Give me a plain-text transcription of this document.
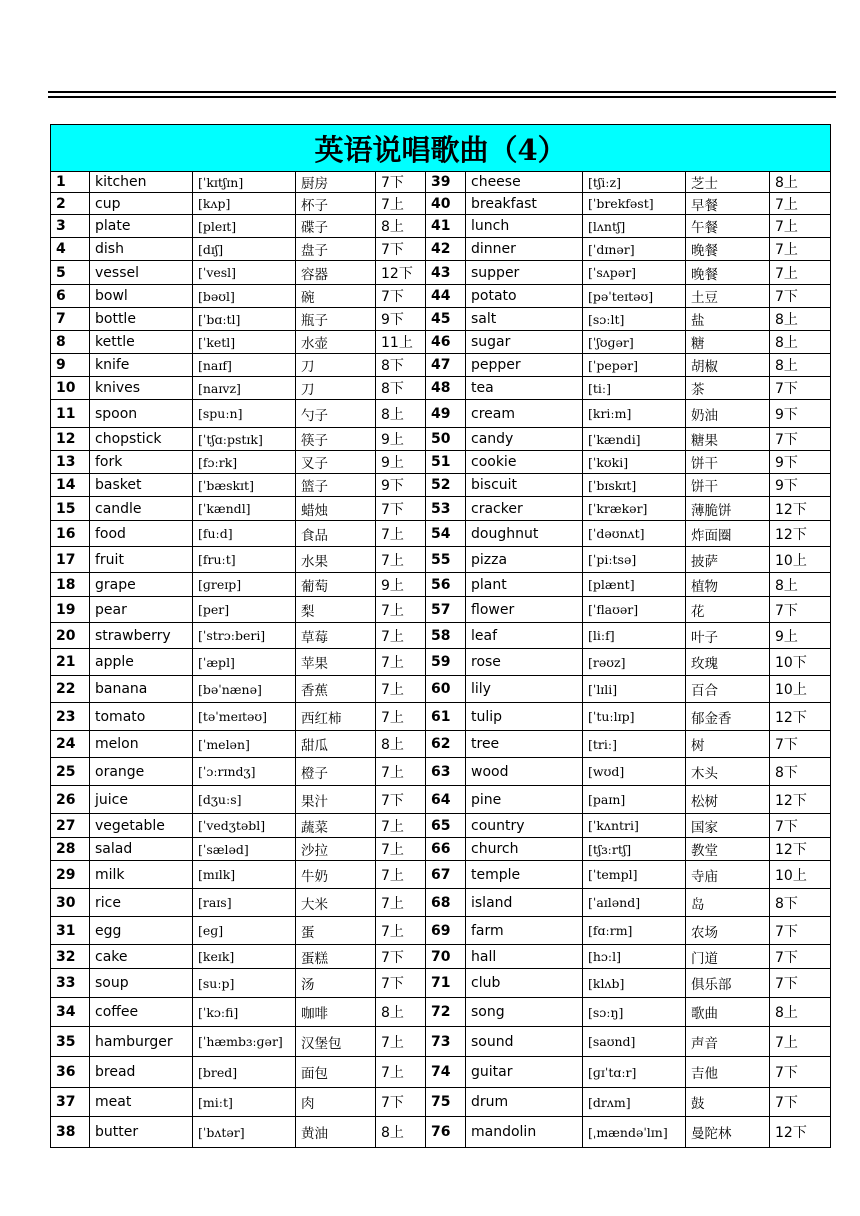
英语说唱歌曲（4）									
1	kitchen	[ˈkɪtʃɪn]	厨房	7下	39	cheese	[tʃiːz]	芝士	8上
2	cup	[kʌp]	杯子	7上	40	breakfast	[ˈbrekfəst]	早餐	7上
3	plate	[pleɪt]	碟子	8上	41	lunch	[lʌntʃ]	午餐	7上
4	dish	[dɪʃ]	盘子	7下	42	dinner	[ˈdɪnər]	晚餐	7上
5	vessel	[ˈvesl]	容器	12下	43	supper	[ˈsʌpər]	晚餐	7上
6	bowl	[bəʊl]	碗	7下	44	potato	[pəˈteɪtəʊ]	土豆	7下
7	bottle	[ˈbɑːtl]	瓶子	9下	45	salt	[sɔːlt]	盐	8上
8	kettle	[ˈketl]	水壶	11上	46	sugar	[ˈʃʊɡər]	糖	8上
9	knife	[naɪf]	刀	8下	47	pepper	[ˈpepər]	胡椒	8上
10	knives	[naɪvz]	刀	8下	48	tea	[tiː]	茶	7下
11	spoon	[spuːn]	勺子	8上	49	cream	[kriːm]	奶油	9下
12	chopstick	[ˈtʃɑːpstɪk]	筷子	9上	50	candy	[ˈkændi]	糖果	7下
13	fork	[fɔːrk]	叉子	9上	51	cookie	[ˈkʊki]	饼干	9下
14	basket	[ˈbæskɪt]	篮子	9下	52	biscuit	[ˈbɪskɪt]	饼干	9下
15	candle	[ˈkændl]	蜡烛	7下	53	cracker	[ˈkrækər]	薄脆饼	12下
16	food	[fuːd]	食品	7上	54	doughnut	[ˈdəʊnʌt]	炸面圈	12下
17	fruit	[fruːt]	水果	7上	55	pizza	[ˈpiːtsə]	披萨	10上
18	grape	[ɡreɪp]	葡萄	9上	56	plant	[plænt]	植物	8上
19	pear	[per]	梨	7上	57	flower	[ˈflaʊər]	花	7下
20	strawberry	[ˈstrɔːberi]	草莓	7上	58	leaf	[liːf]	叶子	9上
21	apple	[ˈæpl]	苹果	7上	59	rose	[rəʊz]	玫瑰	10下
22	banana	[bəˈnænə]	香蕉	7上	60	lily	[ˈlɪli]	百合	10上
23	tomato	[təˈmeɪtəʊ]	西红柿	7上	61	tulip	[ˈtuːlɪp]	郁金香	12下
24	melon	[ˈmelən]	甜瓜	8上	62	tree	[triː]	树	7下
25	orange	[ˈɔːrɪndʒ]	橙子	7上	63	wood	[wʊd]	木头	8下
26	juice	[dʒuːs]	果汁	7下	64	pine	[paɪn]	松树	12下
27	vegetable	[ˈvedʒtəbl]	蔬菜	7上	65	country	[ˈkʌntri]	国家	7下
28	salad	[ˈsæləd]	沙拉	7上	66	church	[tʃɜːrtʃ]	教堂	12下
29	milk	[mɪlk]	牛奶	7上	67	temple	[ˈtempl]	寺庙	10上
30	rice	[raɪs]	大米	7上	68	island	[ˈaɪlənd]	岛	8下
31	egg	[eɡ]	蛋	7上	69	farm	[fɑːrm]	农场	7下
32	cake	[keɪk]	蛋糕	7下	70	hall	[hɔːl]	门道	7下
33	soup	[suːp]	汤	7下	71	club	[klʌb]	俱乐部	7下
34	coffee	[ˈkɔːfi]	咖啡	8上	72	song	[sɔːŋ]	歌曲	8上
35	hamburger	[ˈhæmbɜːɡər]	汉堡包	7上	73	sound	[saʊnd]	声音	7上
36	bread	[bred]	面包	7上	74	guitar	[ɡɪˈtɑːr]	吉他	7下
37	meat	[miːt]	肉	7下	75	drum	[drʌm]	鼓	7下
38	butter	[ˈbʌtər]	黄油	8上	76	mandolin	[ˌmændəˈlɪn]	曼陀林	12下
